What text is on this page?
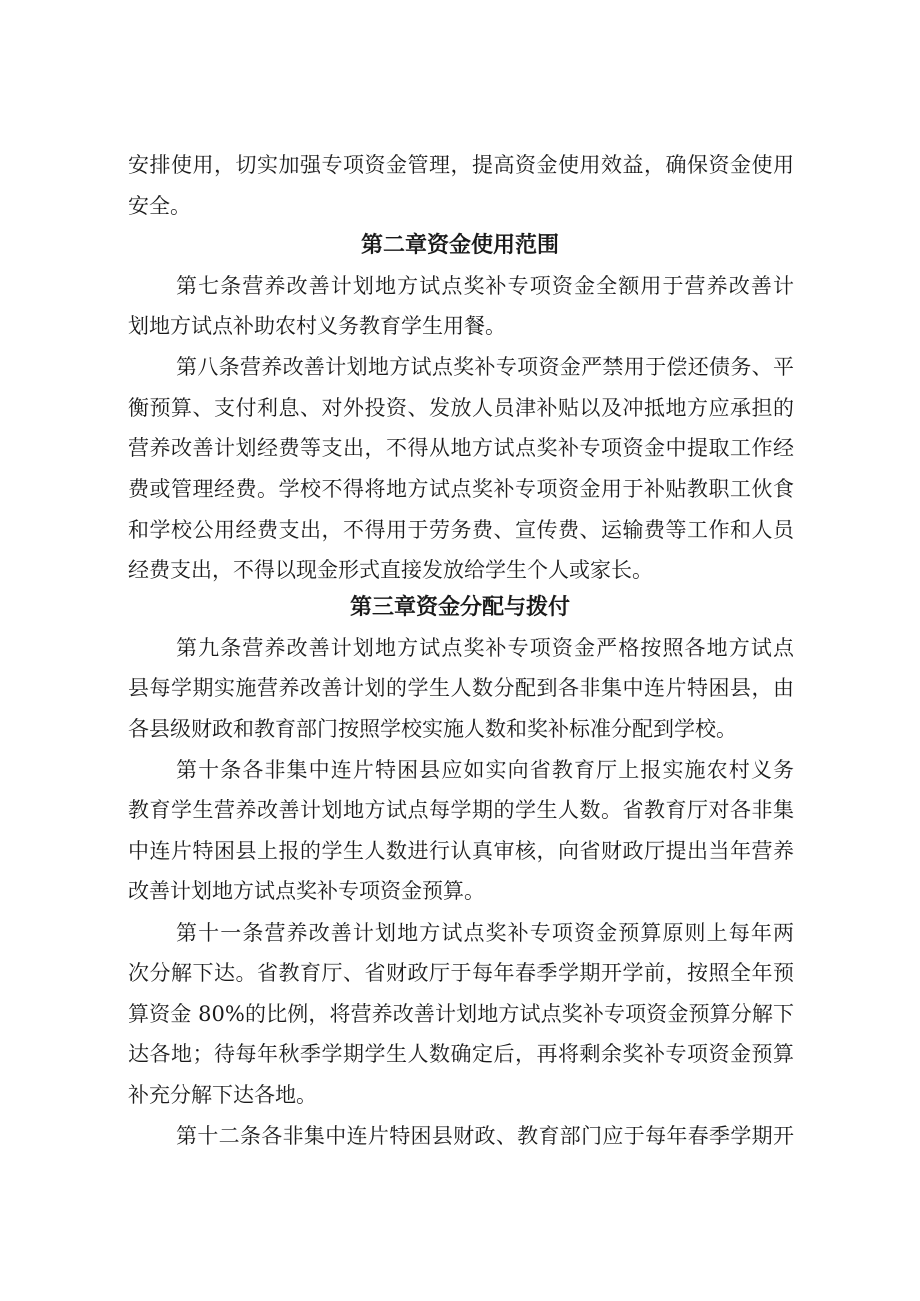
安排使用，切实加强专项资金管理，提高资金使用效益，确保资金使用
安全。
第二章资金使用范围
第七条营养改善计划地方试点奖补专项资金全额用于营养改善计
划地方试点补助农村义务教育学生用餐。
第八条营养改善计划地方试点奖补专项资金严禁用于偿还债务、平
衡预算、支付利息、对外投资、发放人员津补贴以及冲抵地方应承担的
营养改善计划经费等支出，不得从地方试点奖补专项资金中提取工作经
费或管理经费。学校不得将地方试点奖补专项资金用于补贴教职工伙食
和学校公用经费支出，不得用于劳务费、宣传费、运输费等工作和人员
经费支出，不得以现金形式直接发放给学生个人或家长。
第三章资金分配与拨付
第九条营养改善计划地方试点奖补专项资金严格按照各地方试点
县每学期实施营养改善计划的学生人数分配到各非集中连片特困县，由
各县级财政和教育部门按照学校实施人数和奖补标准分配到学校。
第十条各非集中连片特困县应如实向省教育厅上报实施农村义务
教育学生营养改善计划地方试点每学期的学生人数。省教育厅对各非集
中连片特困县上报的学生人数进行认真审核，向省财政厅提出当年营养
改善计划地方试点奖补专项资金预算。
第十一条营养改善计划地方试点奖补专项资金预算原则上每年两
次分解下达。省教育厅、省财政厅于每年春季学期开学前，按照全年预
算资金 80%的比例，将营养改善计划地方试点奖补专项资金预算分解下
达各地；待每年秋季学期学生人数确定后，再将剩余奖补专项资金预算
补充分解下达各地。
第十二条各非集中连片特困县财政、教育部门应于每年春季学期开
